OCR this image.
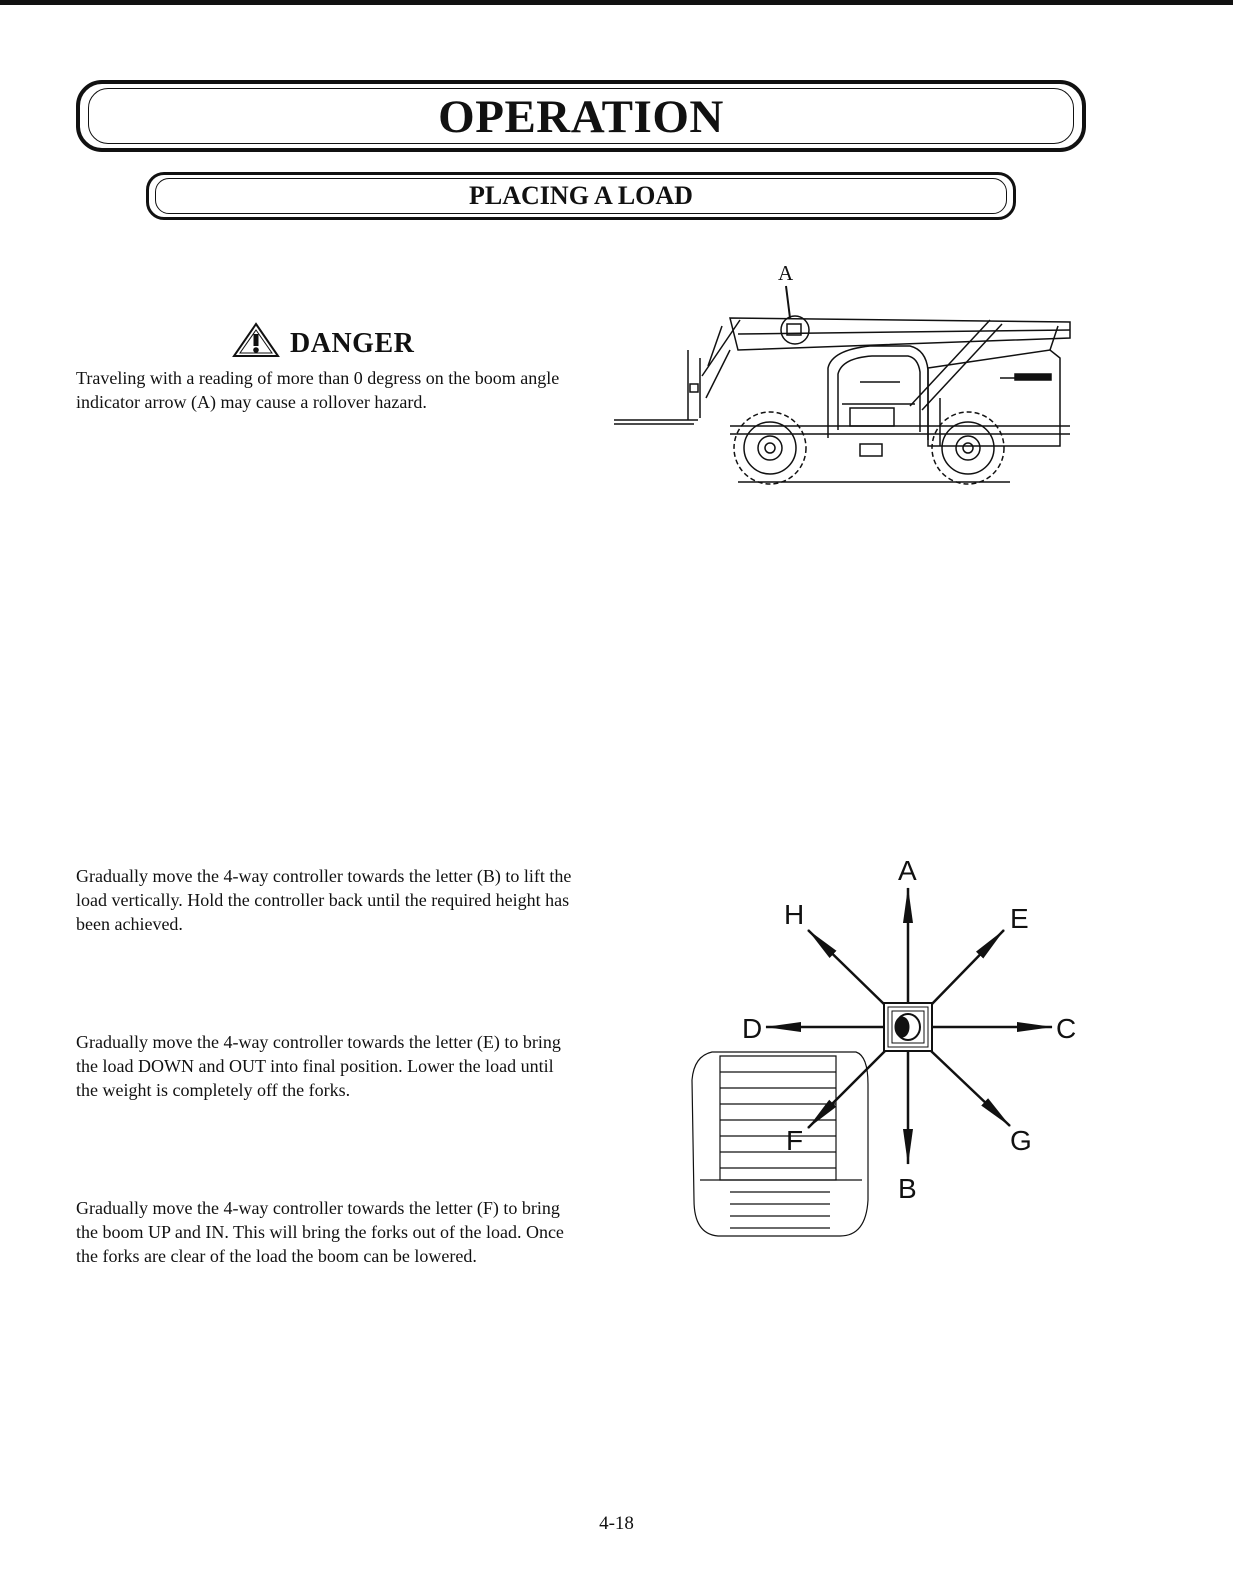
OPERATION
PLACING A LOAD
DANGER
Traveling with a reading of more than 0 degress on the boom angle indicator arrow (A) may cause a rollover hazard.
A
Gradually move the 4-way controller towards the letter (B) to lift the load vertically. Hold the controller back until the required height has been achieved.
Gradually move the 4-way controller towards the letter (E) to bring the load DOWN and OUT into final position. Lower the load until the weight is completely off the forks.
Gradually move the 4-way controller towards the letter (F) to bring the boom UP and IN. This will bring the forks out of the load. Once the forks are clear of the load the boom can be lowered.
A
B
C
D
E
F	G
H
4-18
